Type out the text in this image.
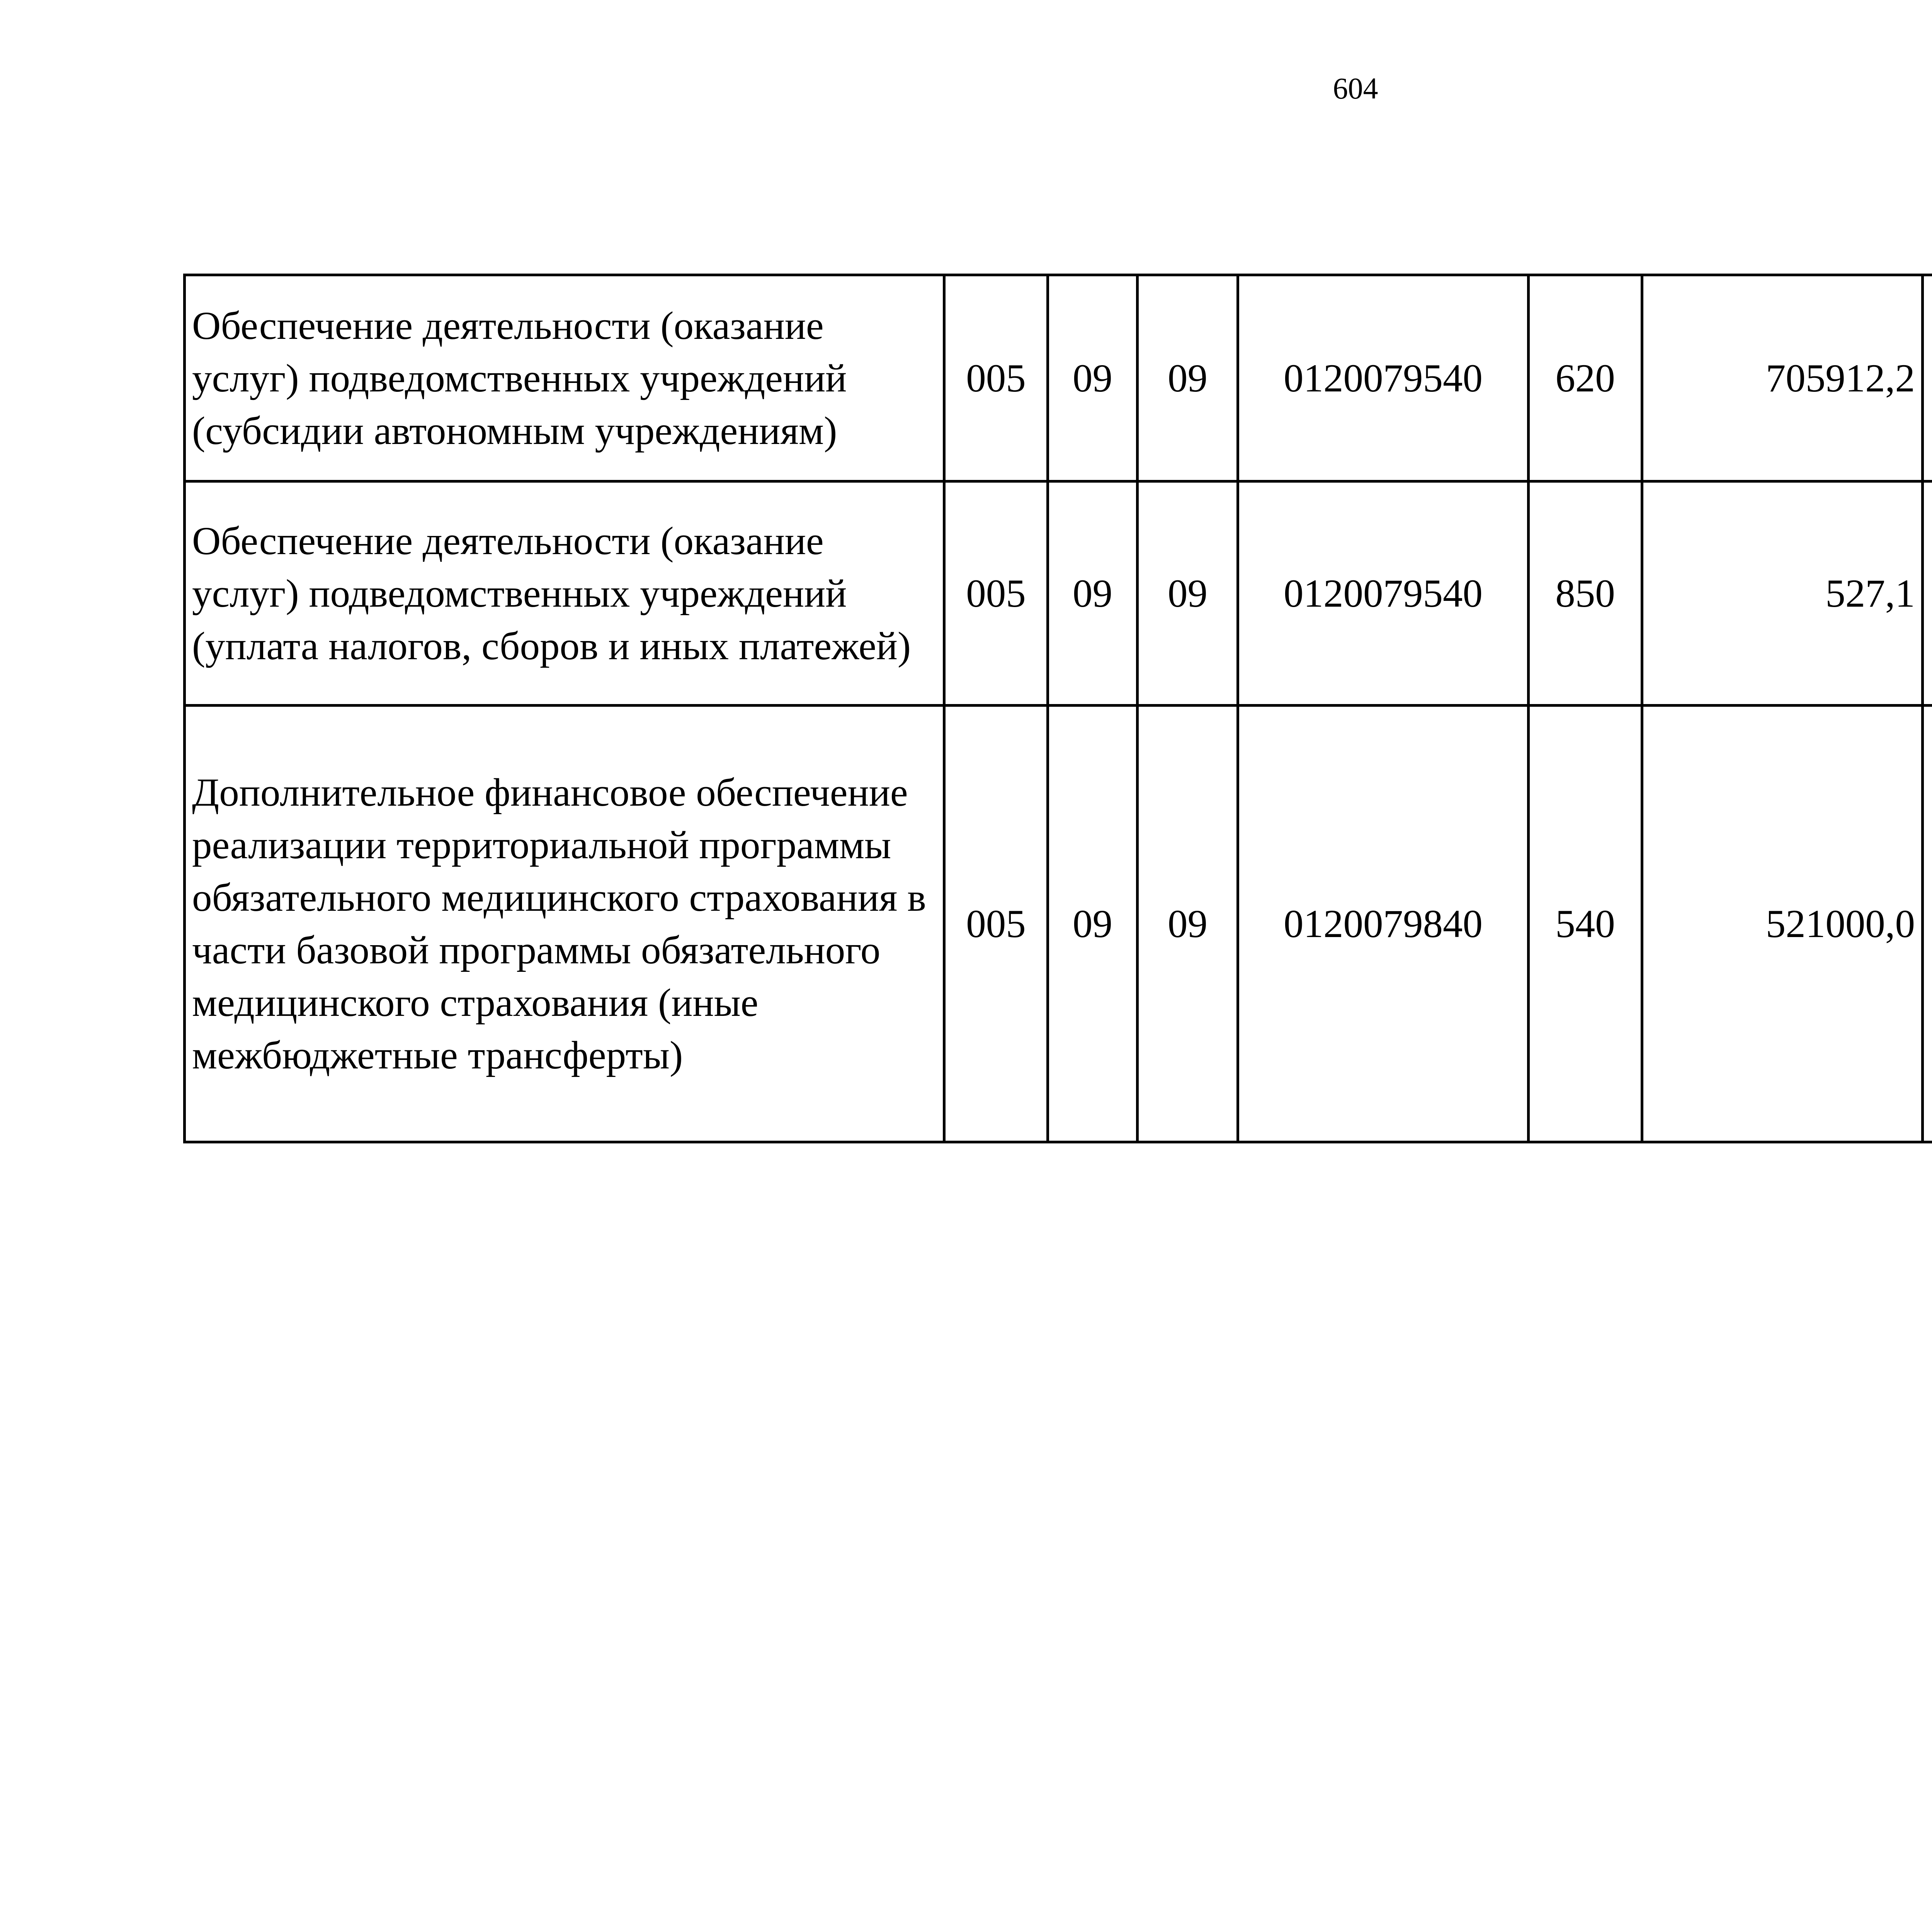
604
Обеспечение деятельности (оказание услуг) подведомственных учреждений (субсидии автономным учреждениям)	005	09	09	0120079540	620	705912,2		
Обеспечение деятельности (оказание услуг) подведомственных учреждений (уплата налогов, сборов и иных платежей)	005	09	09	0120079540	850	527,1		
Дополнительное финансовое обеспечение реализации территориальной программы обязательного медицинского страхования в части базовой программы обязательного медицинского страхования (иные межбюджетные трансферты)	005	09	09	0120079840	540	521000,0		
